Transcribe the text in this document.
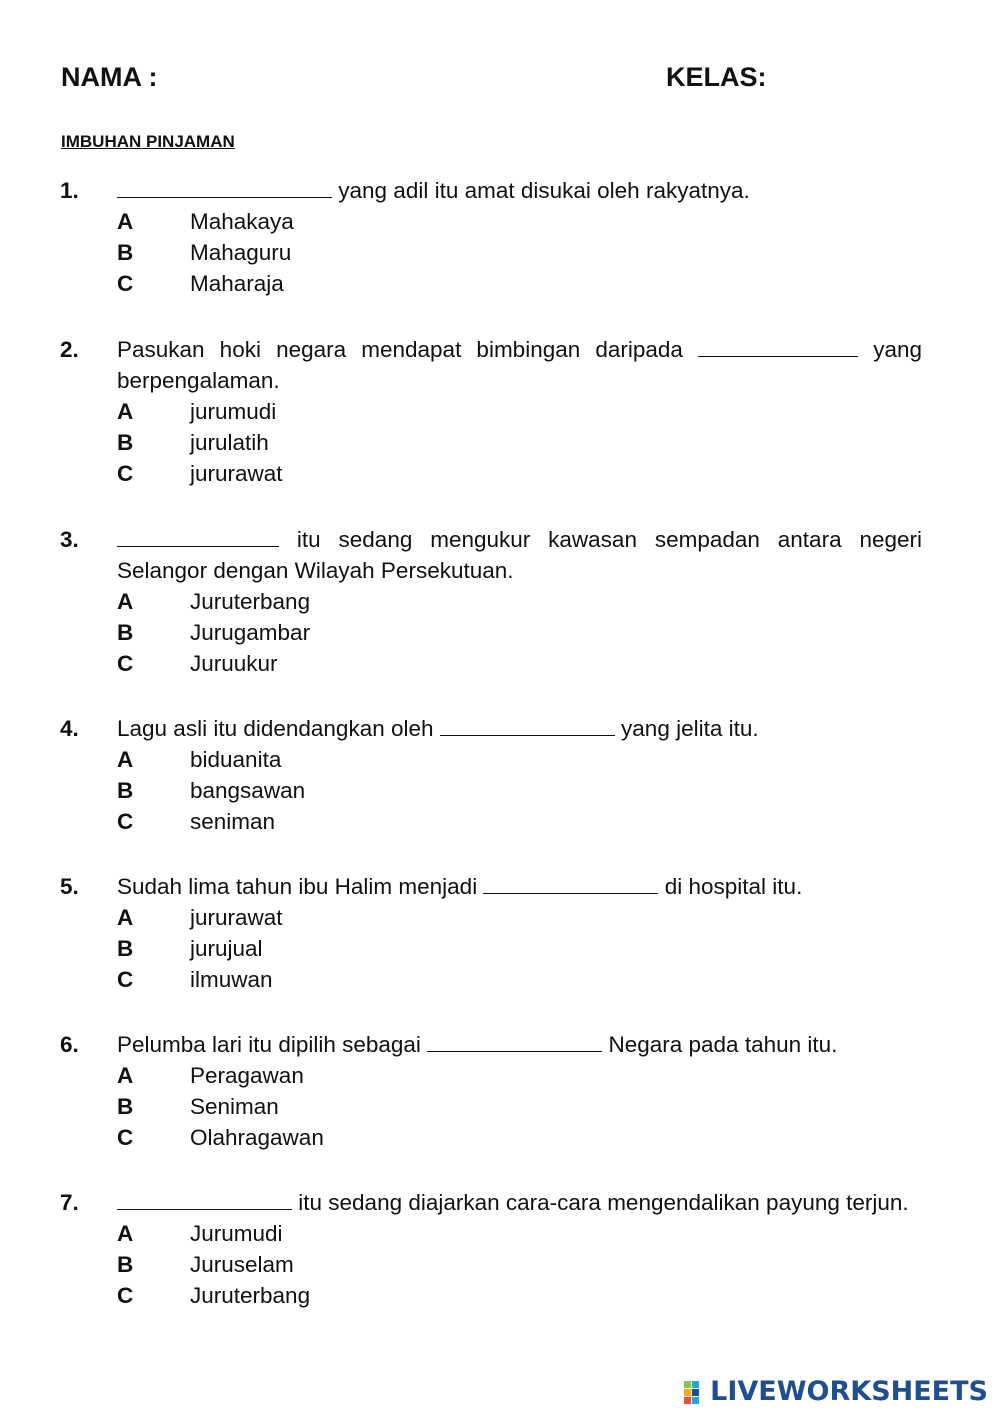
NAMA :	KELAS:
IMBUHAN PINJAMAN
1.	yang adil itu amat disukai oleh rakyatnya.
A	Mahakaya
B	Mahaguru
C	Maharaja
2. Pasukan hoki negara mendapat bimbingan daripada	yang berpengalaman.
A	jurumudi
B	jurulatih
C	jururawat
3.	itu sedang mengukur kawasan sempadan antara negeri Selangor dengan Wilayah Persekutuan.
A	Juruterbang
B	Jurugambar
C	Juruukur
4. Lagu asli itu didendangkan oleh	yang jelita itu.
A	biduanita
B	bangsawan
C	seniman
5. Sudah lima tahun ibu Halim menjadi	di hospital itu.
A	jururawat
B	jurujual
C	ilmuwan
6. Pelumba lari itu dipilih sebagai	Negara pada tahun itu.
A	Peragawan
B	Seniman
C	Olahragawan
7.	itu sedang diajarkan cara-cara mengendalikan payung terjun.
A	Jurumudi
B	Juruselam
C	Juruterbang
LIVEWORKSHEETS
